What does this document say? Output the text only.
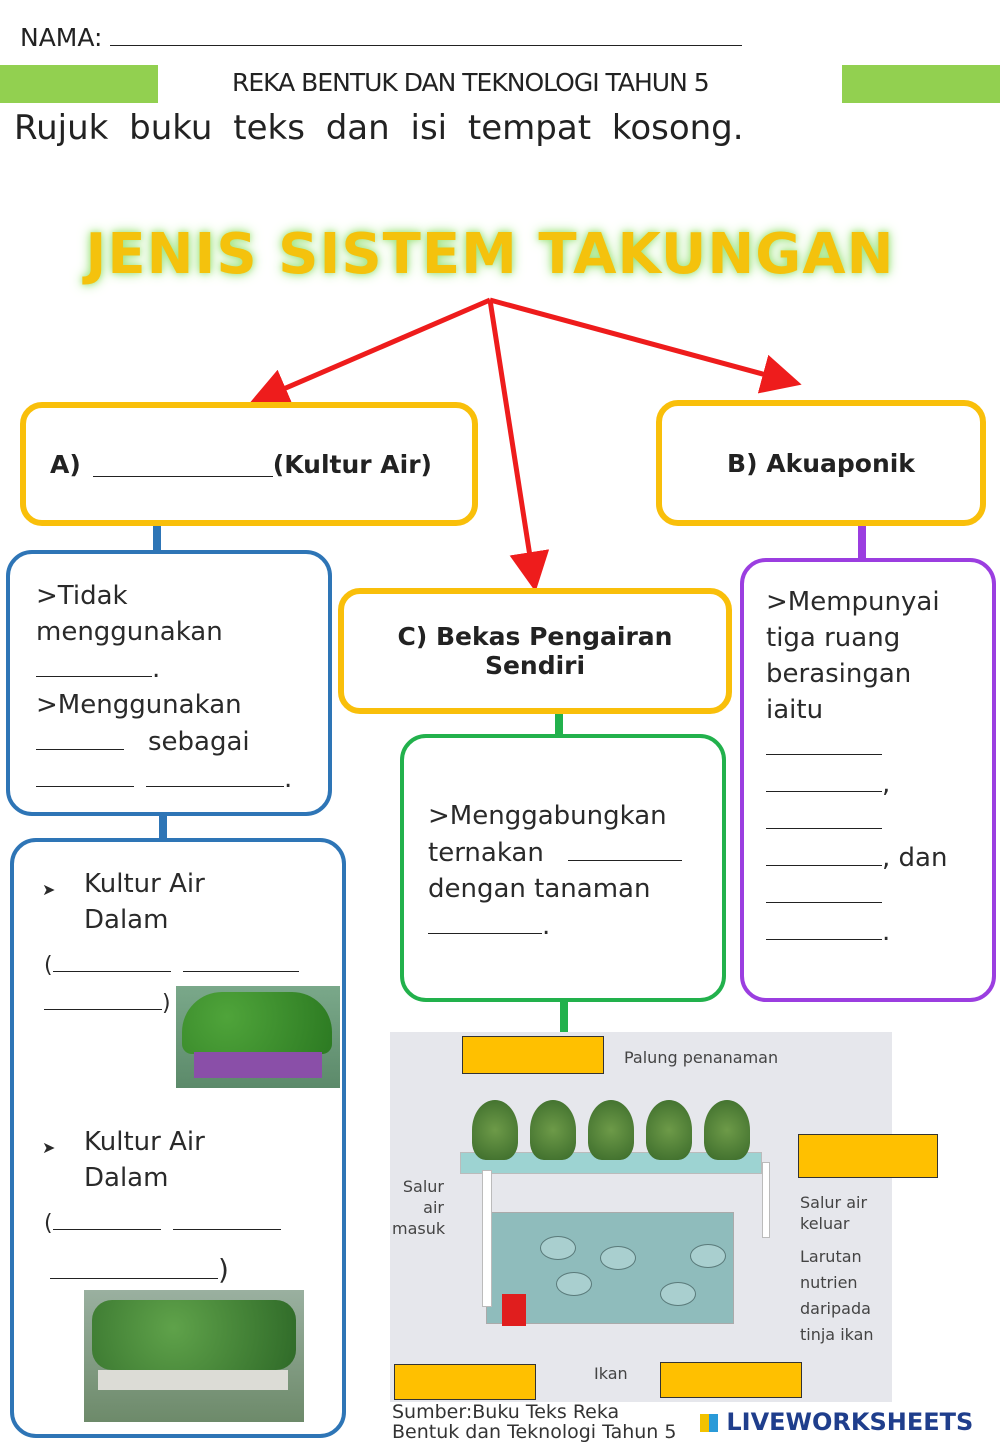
NAMA:
REKA BENTUK DAN TEKNOLOGI TAHUN 5
Rujuk buku teks dan isi tempat kosong.
JENIS SISTEM TAKUNGAN
A)	(Kultur Air)	B) Akuaponik
C) Bekas Pengairan Sendiri
>Tidak
menggunakan
.
>Menggunakan
sebagai
.
➤ Kultur Air Dalam
(
)
➤ Kultur Air Dalam
(
)
>Menggabungkan
ternakan
dengan tanaman
.
>Mempunyai
tiga ruang
berasingan
iaitu
,
, dan
.
Palung penanaman
Salur
air
masuk
Salur air
keluar
Larutan
nutrien
daripada
tinja ikan
Ikan
Sumber:Buku Teks Reka Bentuk dan Teknologi Tahun 5	LIVEWORKSHEETS
